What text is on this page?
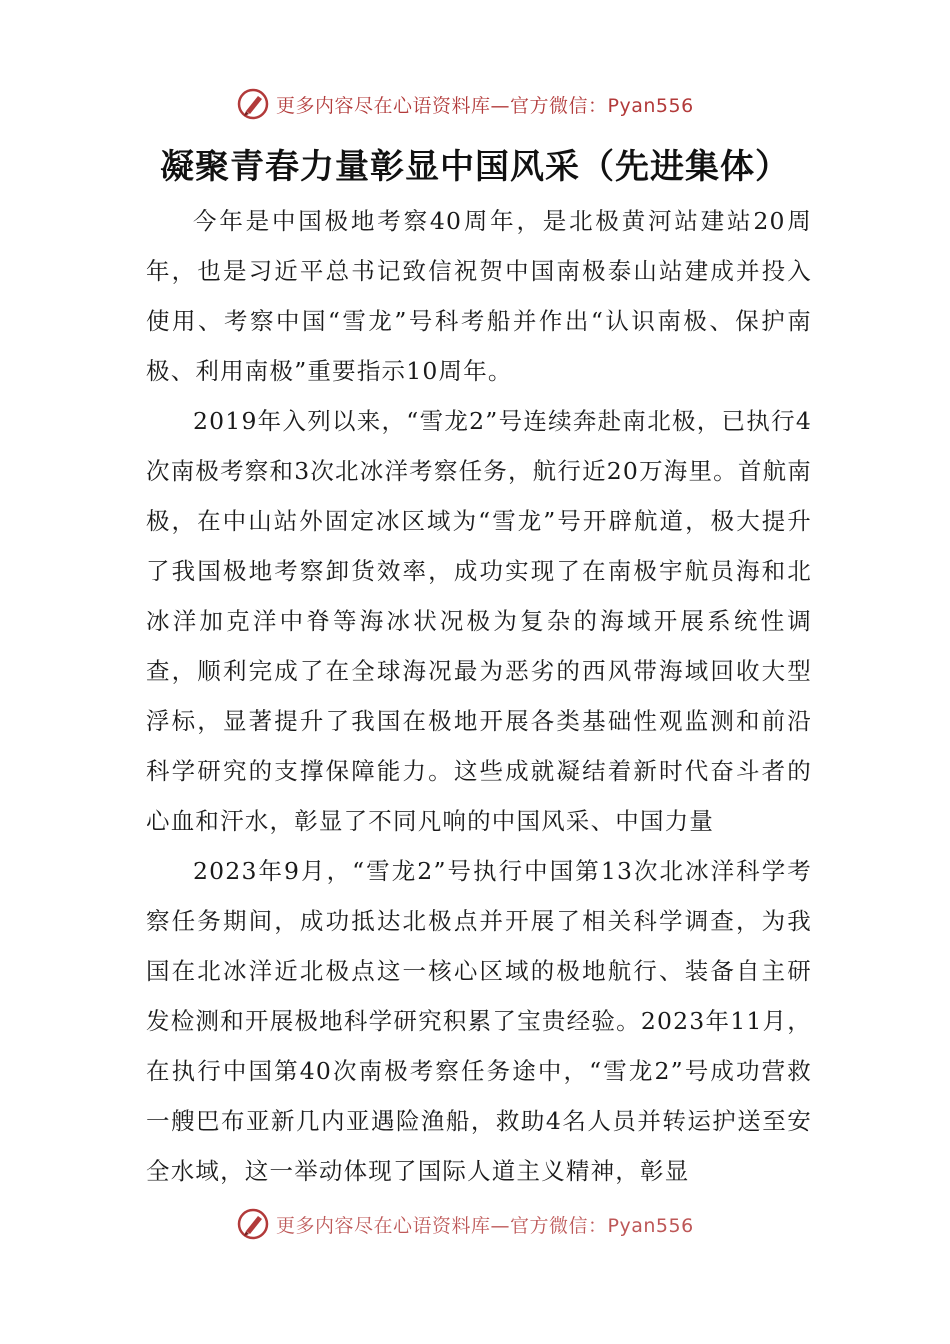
更多内容尽在心语资料库—官方微信：Pyan556
凝聚青春力量彰显中国风采（先进集体）

今年是中国极地考察40周年，是北极黄河站建站20周年，也是习近平总书记致信祝贺中国南极泰山站建成并投入使用、考察中国“雪龙”号科考船并作出“认识南极、保护南极、利用南极”重要指示10周年。

2019年入列以来，“雪龙2”号连续奔赴南北极，已执行4次南极考察和3次北冰洋考察任务，航行近20万海里。首航南极，在中山站外固定冰区域为“雪龙”号开辟航道，极大提升了我国极地考察卸货效率，成功实现了在南极宇航员海和北冰洋加克洋中脊等海冰状况极为复杂的海域开展系统性调查，顺利完成了在全球海况最为恶劣的西风带海域回收大型浮标，显著提升了我国在极地开展各类基础性观监测和前沿科学研究的支撑保障能力。这些成就凝结着新时代奋斗者的心血和汗水，彰显了不同凡响的中国风采、中国力量

2023年9月，“雪龙2”号执行中国第13次北冰洋科学考察任务期间，成功抵达北极点并开展了相关科学调查，为我国在北冰洋近北极点这一核心区域的极地航行、装备自主研发检测和开展极地科学研究积累了宝贵经验。2023年11月，在执行中国第40次南极考察任务途中，“雪龙2”号成功营救一艘巴布亚新几内亚遇险渔船，救助4名人员并转运护送至安全水域，这一举动体现了国际人道主义精神，彰显

更多内容尽在心语资料库—官方微信：Pyan556
